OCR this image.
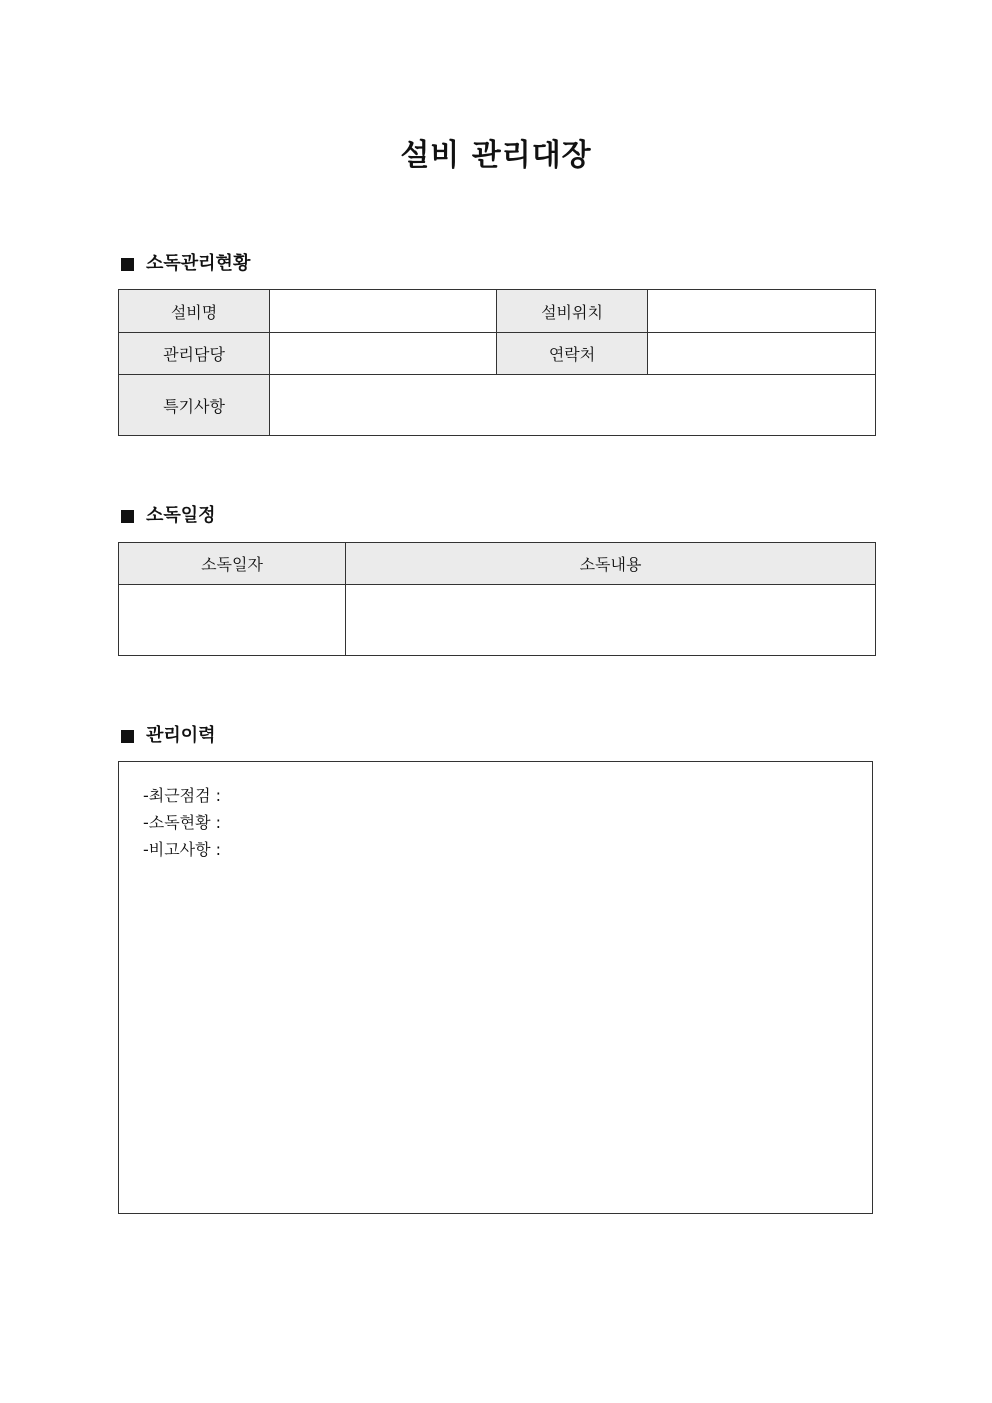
설비 관리대장
소독관리현황
설비명		설비위치	
관리담당		연락처	
특기사항			
소독일정
소독일자	소독내용

관리이력
-최근점검 :
-소독현황 :
-비고사항 :
